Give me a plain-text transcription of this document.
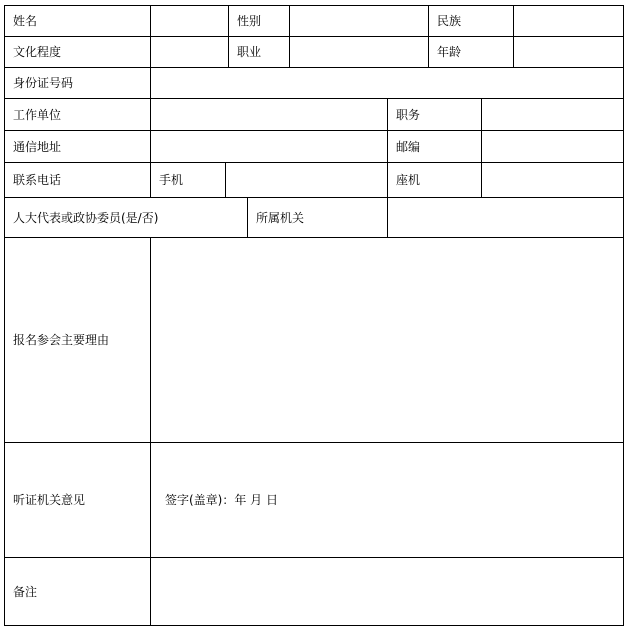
姓名	性别	民族
文化程度	职业	年龄
身份证号码
工作单位	职务
通信地址	邮编
联系电话	手机	座机
人大代表或政协委员(是/否)	所属机关
报名参会主要理由
听证机关意见	签字(盖章)：年 月 日
备注
